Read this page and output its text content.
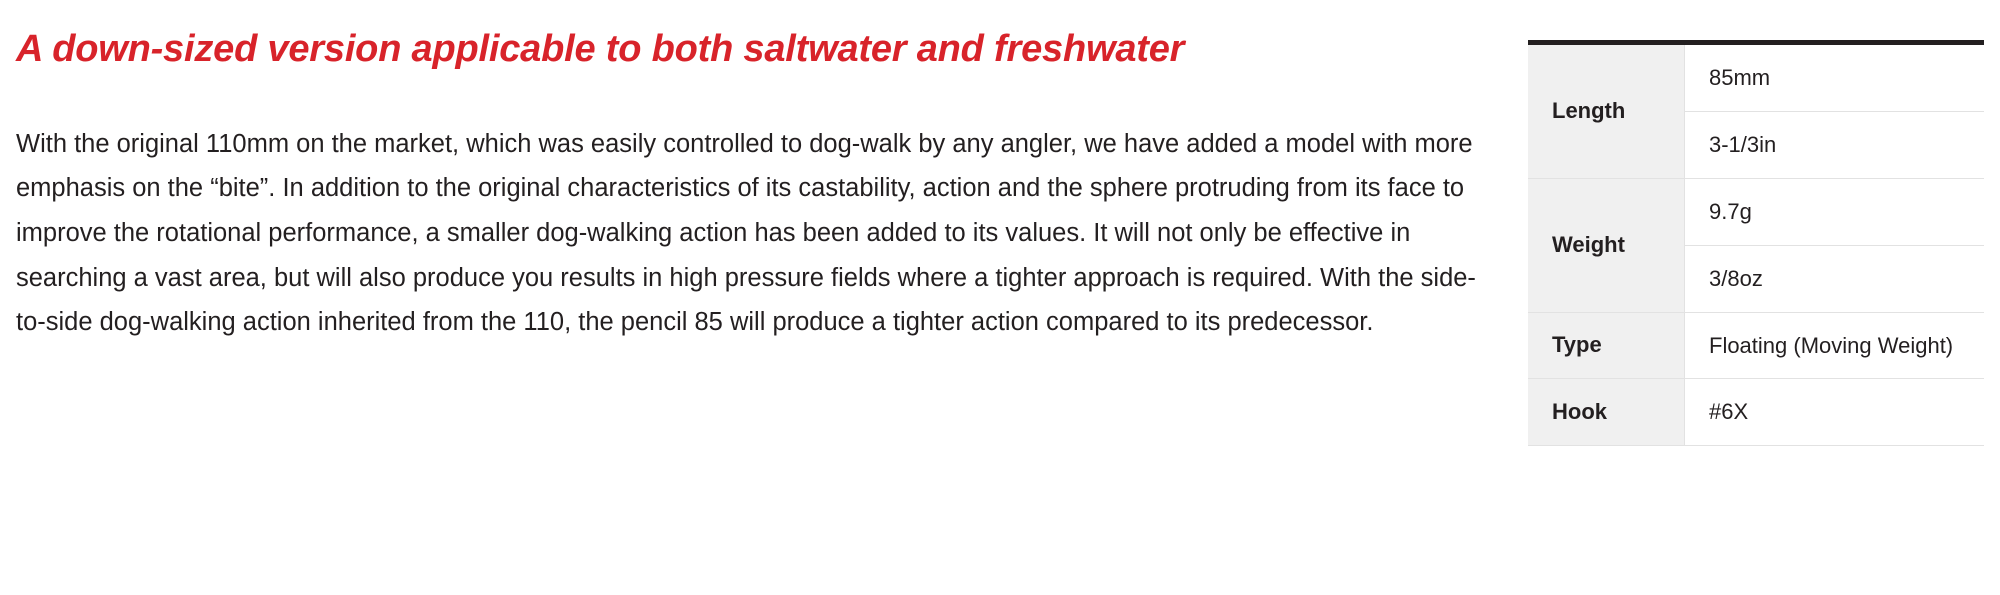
A down-sized version applicable to both saltwater and freshwater

With the original 110mm on the market, which was easily controlled to dog-walk by any angler, we have added a model with more emphasis on the “bite”. In addition to the original characteristics of its castability, action and the sphere protruding from its face to improve the rotational performance, a smaller dog-walking action has been added to its values. It will not only be effective in searching a vast area, but will also produce you results in high pressure fields where a tighter approach is required. With the side-to-side dog-walking action inherited from the 110, the pencil 85 will produce a tighter action compared to its predecessor.

Length	
85mm
3-1/3in

Weight	
9.7g
3/8oz

Type	Floating (Moving Weight)
Hook	#6X
